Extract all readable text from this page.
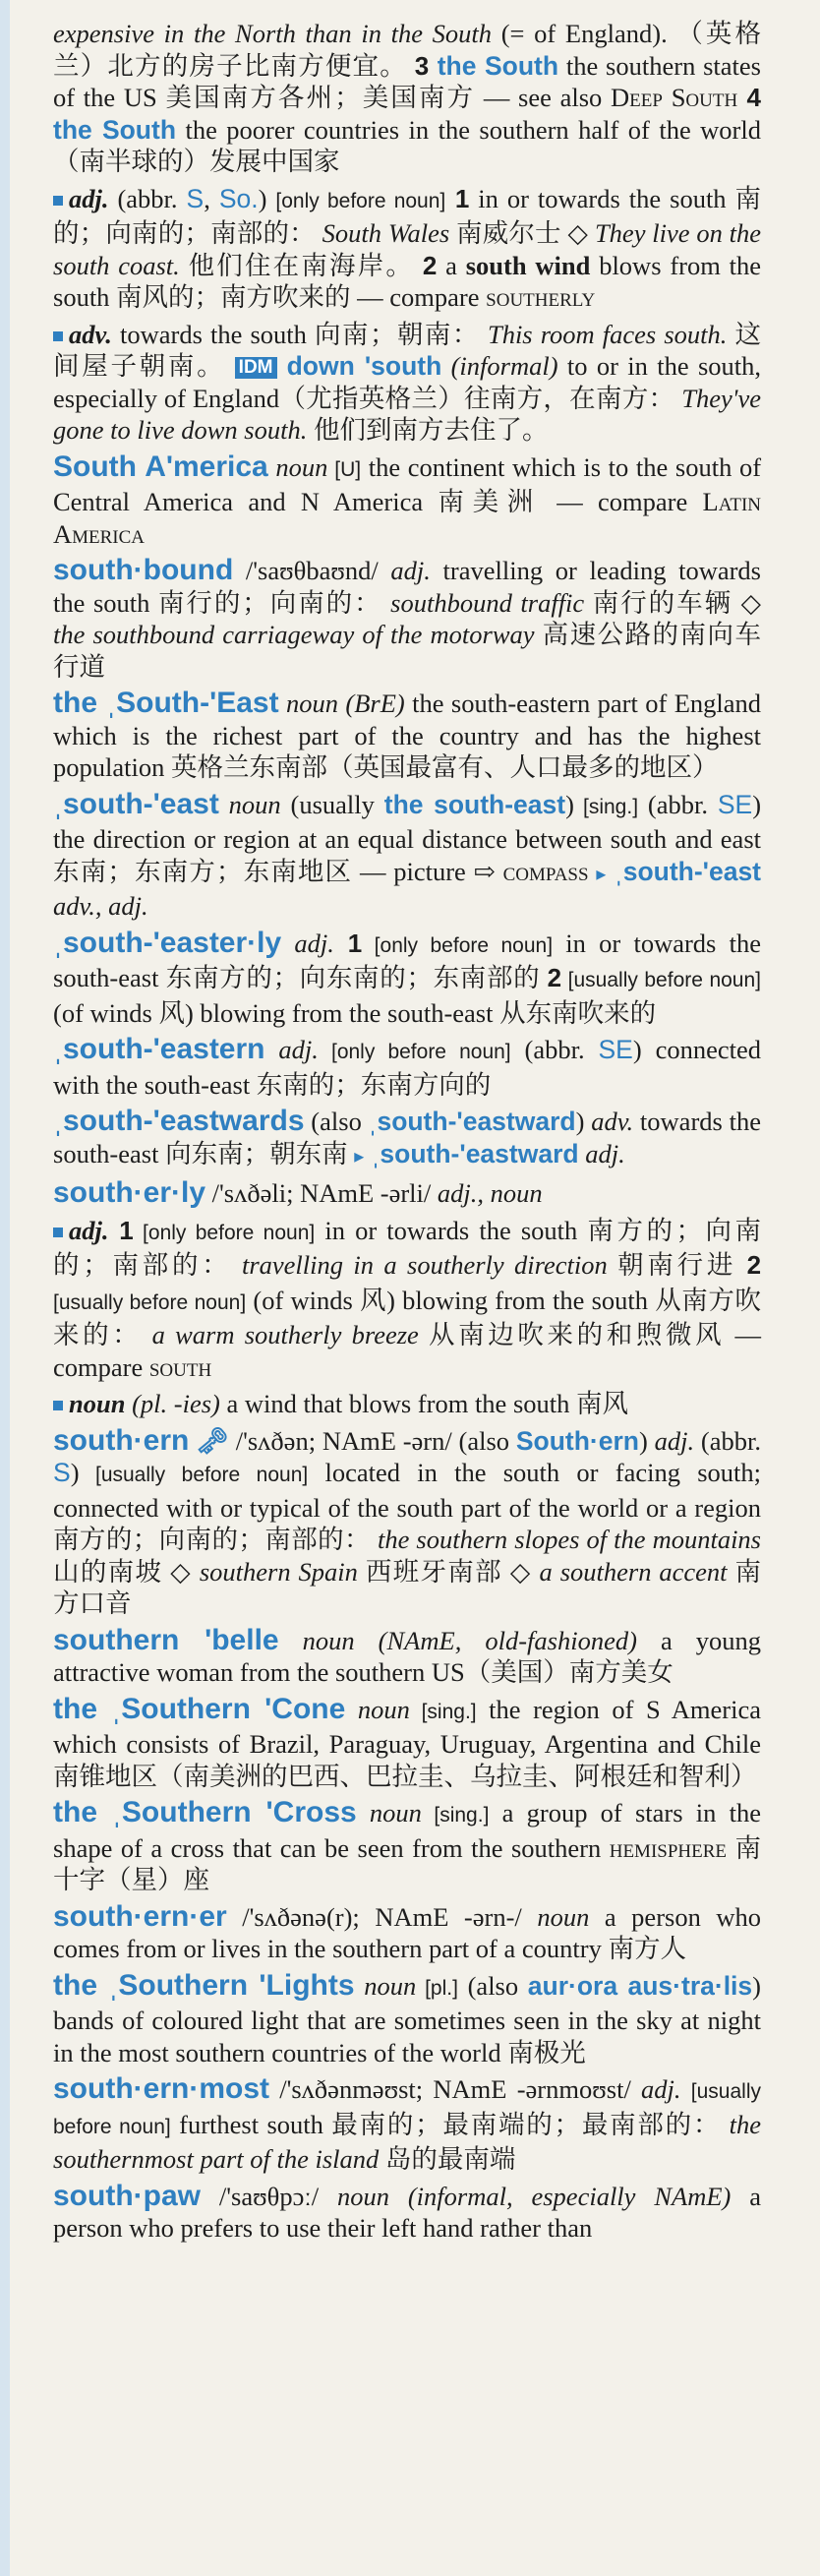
expensive in the North than in the South (= of England). （英格兰）北方的房子比南方便宜。 3 the South the southern states of the US 美国南方各州；美国南方 — see also Deep South 4 the South the poorer countries in the southern half of the world（南半球的）发展中国家

adj. (abbr. S, So.) [only before noun] 1 in or towards the south 南的；向南的；南部的： South Wales 南威尔士 ◇ They live on the south coast. 他们住在南海岸。 2 a south wind blows from the south 南风的；南方吹来的 — compare southerly

adv. towards the south 向南；朝南： This room faces south. 这间屋子朝南。 IDM down 'south (informal) to or in the south, especially of England（尤指英格兰）往南方，在南方： They've gone to live down south. 他们到南方去住了。

South A'merica noun [U] the continent which is to the south of Central America and N America 南美洲 — compare Latin America

south·bound /'saʊθbaʊnd/ adj. travelling or leading towards the south 南行的；向南的： southbound traffic 南行的车辆 ◇ the southbound carriageway of the motorway 高速公路的南向车行道

the ˌSouth-'East noun (BrE) the south-eastern part of England which is the richest part of the country and has the highest population 英格兰东南部（英国最富有、人口最多的地区）

ˌsouth-'east noun (usually the south-east) [sing.] (abbr. SE) the direction or region at an equal distance between south and east 东南；东南方；东南地区 — picture ⇨ compass ▸ ˌsouth-'east adv., adj.

ˌsouth-'easter·ly adj. 1 [only before noun] in or towards the south-east 东南方的；向东南的；东南部的 2 [usually before noun] (of winds 风) blowing from the south-east 从东南吹来的

ˌsouth-'eastern adj. [only before noun] (abbr. SE) connected with the south-east 东南的；东南方向的

ˌsouth-'eastwards (also ˌsouth-'eastward) adv. towards the south-east 向东南；朝东南 ▸ ˌsouth-'eastward adj.

south·er·ly /'sʌðəli; NAmE -ərli/ adj., noun

adj. 1 [only before noun] in or towards the south 南方的；向南的；南部的： travelling in a southerly direction 朝南行进 2 [usually before noun] (of winds 风) blowing from the south 从南方吹来的： a warm southerly breeze 从南边吹来的和煦微风 — compare south

noun (pl. -ies) a wind that blows from the south 南风

south·ern 🗝 /'sʌðən; NAmE -ərn/ (also South·ern) adj. (abbr. S) [usually before noun] located in the south or facing south; connected with or typical of the south part of the world or a region 南方的；向南的；南部的： the southern slopes of the mountains 山的南坡 ◇ southern Spain 西班牙南部 ◇ a southern accent 南方口音

southern 'belle noun (NAmE, old-fashioned) a young attractive woman from the southern US（美国）南方美女

the ˌSouthern 'Cone noun [sing.] the region of S America which consists of Brazil, Paraguay, Uruguay, Argentina and Chile 南锥地区（南美洲的巴西、巴拉圭、乌拉圭、阿根廷和智利）

the ˌSouthern 'Cross noun [sing.] a group of stars in the shape of a cross that can be seen from the southern hemisphere 南十字（星）座

south·ern·er /'sʌðənə(r); NAmE -ərn-/ noun a person who comes from or lives in the southern part of a country 南方人

the ˌSouthern 'Lights noun [pl.] (also aur·ora aus·tra·lis) bands of coloured light that are sometimes seen in the sky at night in the most southern countries of the world 南极光

south·ern·most /'sʌðənməʊst; NAmE -ərnmoʊst/ adj. [usually before noun] furthest south 最南的；最南端的；最南部的： the southernmost part of the island 岛的最南端

south·paw /'saʊθpɔː/ noun (informal, especially NAmE) a person who prefers to use their left hand rather than
